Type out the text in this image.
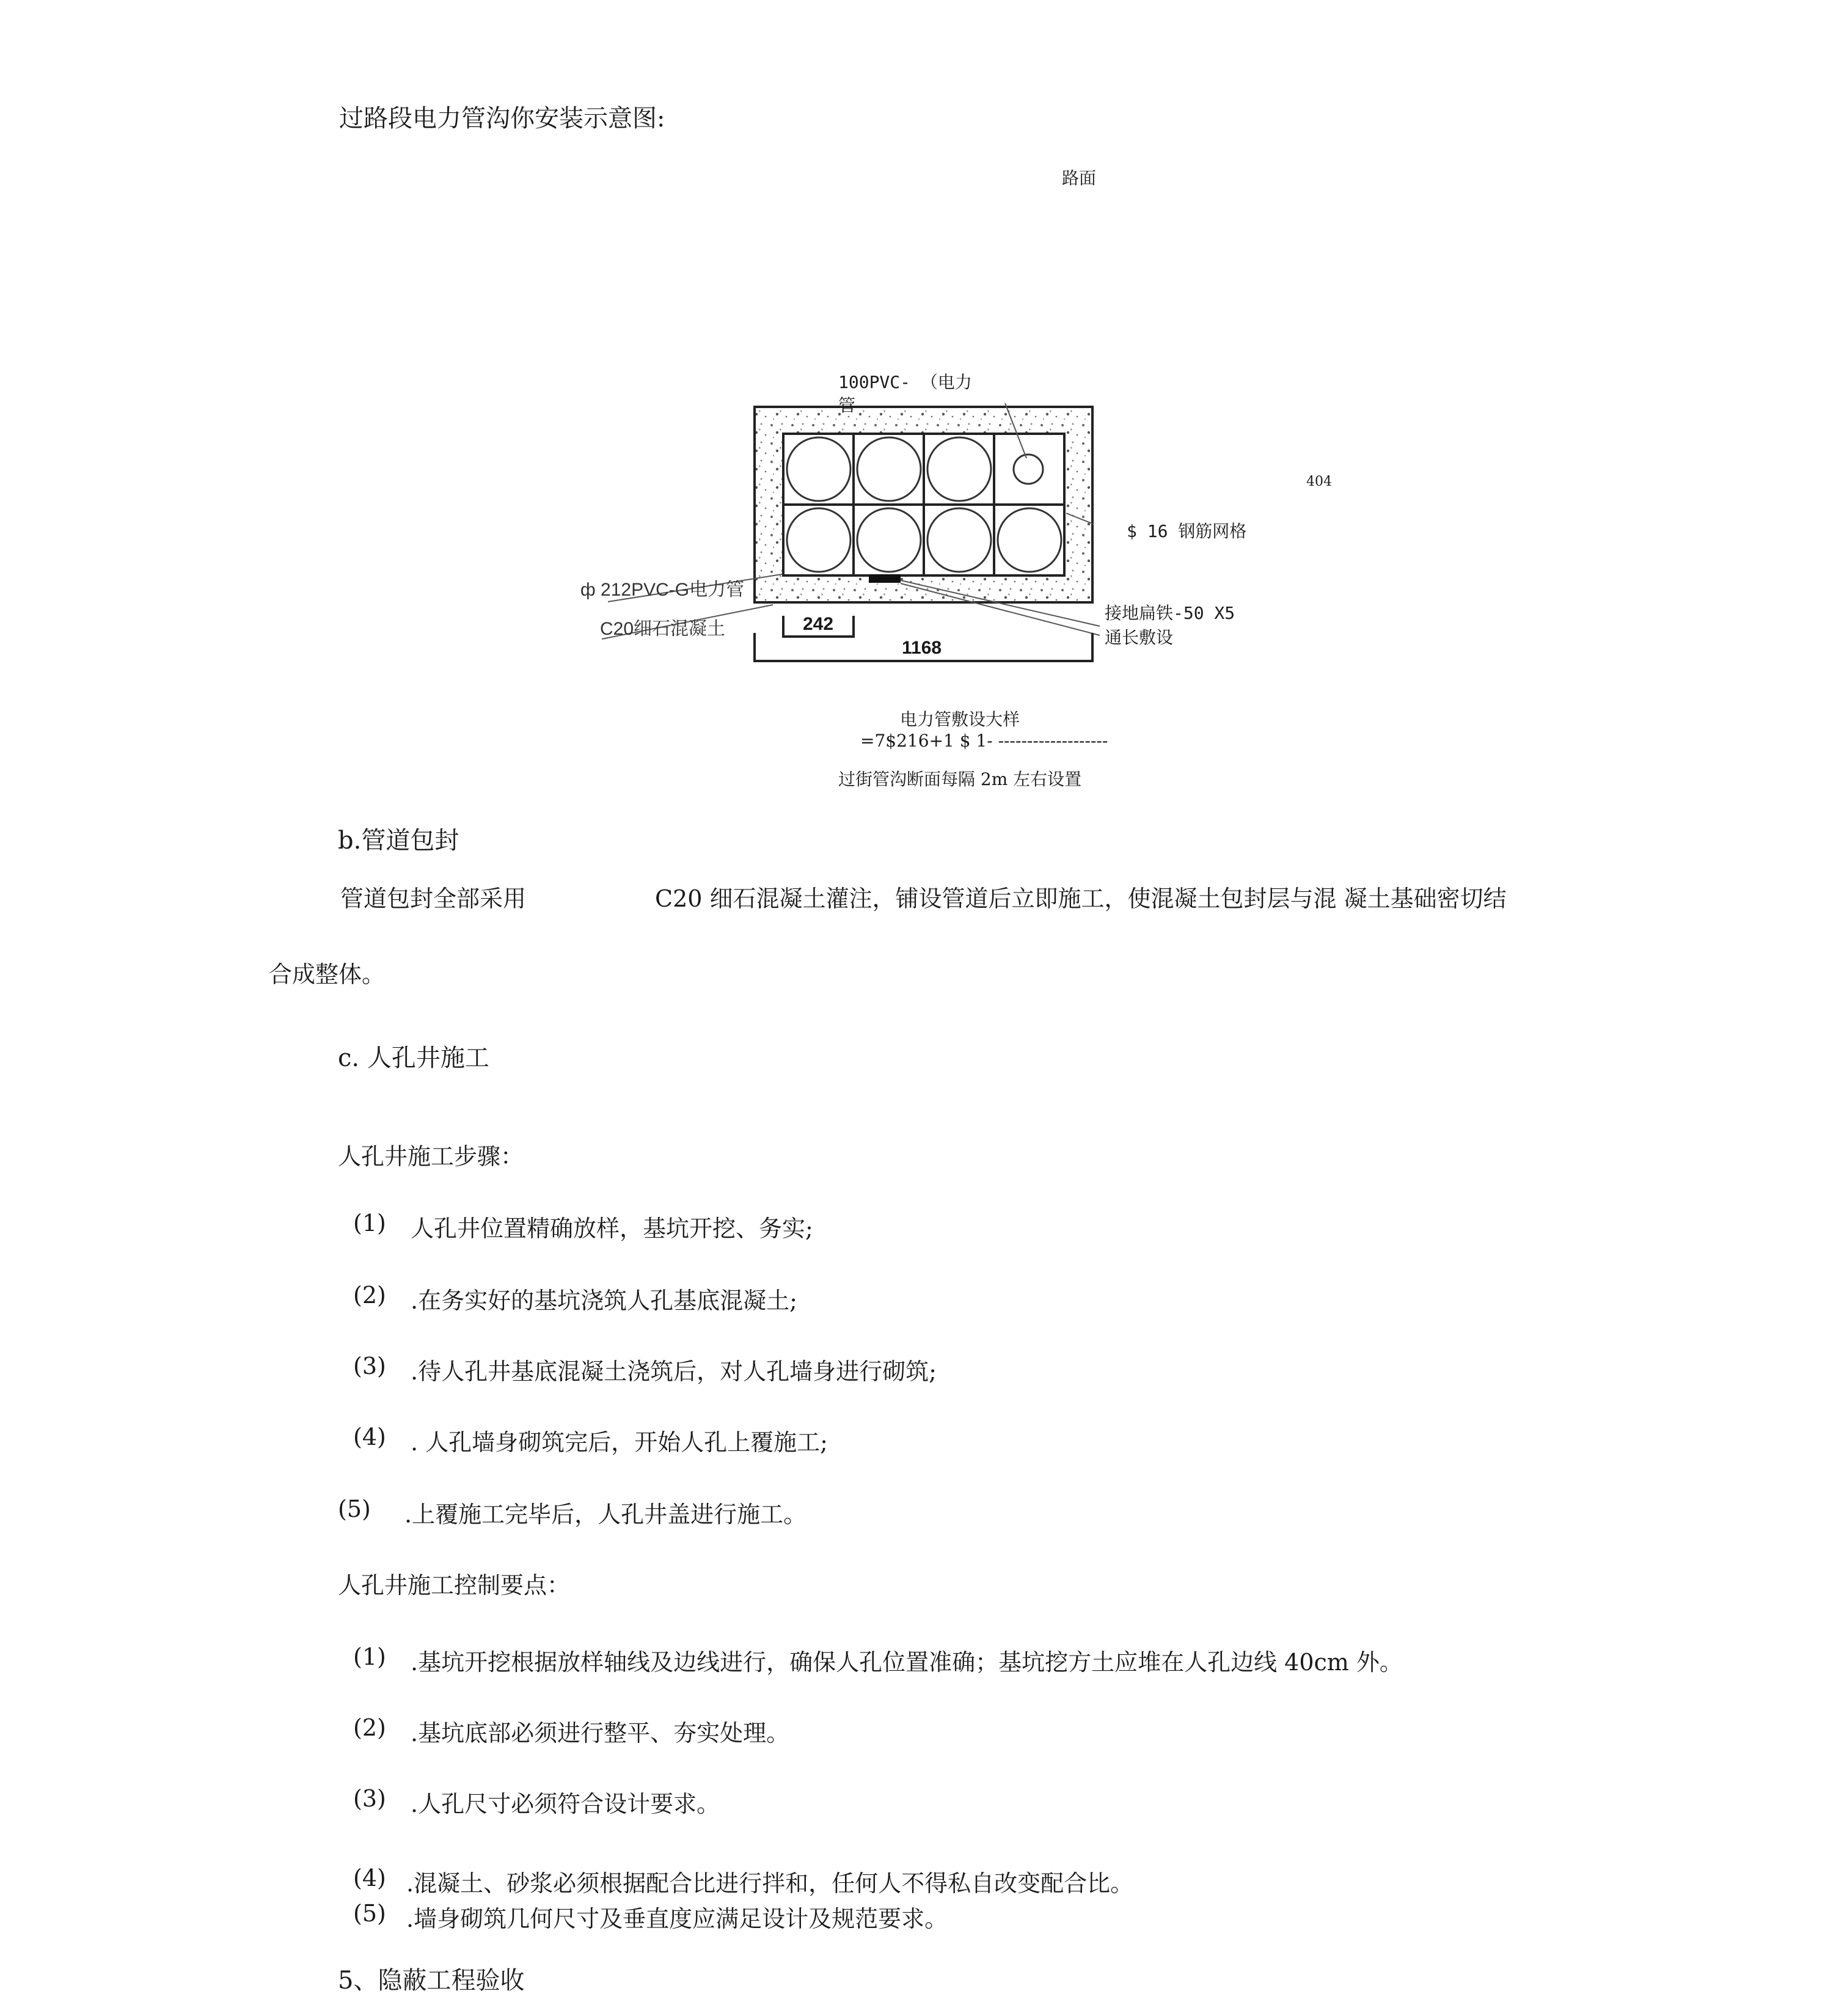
过路段电力管沟你安装示意图:
路面
100PVC- （电力
管
404
$ 16 钢筋网格
ф 212PVC-G电力管
C20细石混凝土	242
1168
接地扁铁-50 X5
通长敷设
电力管敷设大样
=7$216+1 $ 1- -------------------
过街管沟断面每隔 2m 左右设置
b.管道包封
管道包封全部采用	C20 细石混凝土灌注，铺设管道后立即施工，使混凝土包封层与混 凝土基础密切结
合成整体。
c. 人孔井施工
人孔井施工步骤：
(1) 人孔井位置精确放样，基坑开挖、务实;
(2) .在务实好的基坑浇筑人孔基底混凝土;
(3) .待人孔井基底混凝土浇筑后，对人孔墙身进行砌筑;
(4) . 人孔墙身砌筑完后，开始人孔上覆施工;
(5) .上覆施工完毕后，人孔井盖进行施工。
人孔井施工控制要点：
(1) .基坑开挖根据放样轴线及边线进行，确保人孔位置准确；基坑挖方土应堆在人孔边线 40cm 外。
(2) .基坑底部必须进行整平、夯实处理。
(3) .人孔尺寸必须符合设计要求。
(4) .混凝土、砂浆必须根据配合比进行拌和，任何人不得私自改变配合比。
(5) .墙身砌筑几何尺寸及垂直度应满足设计及规范要求。
5、隐蔽工程验收
